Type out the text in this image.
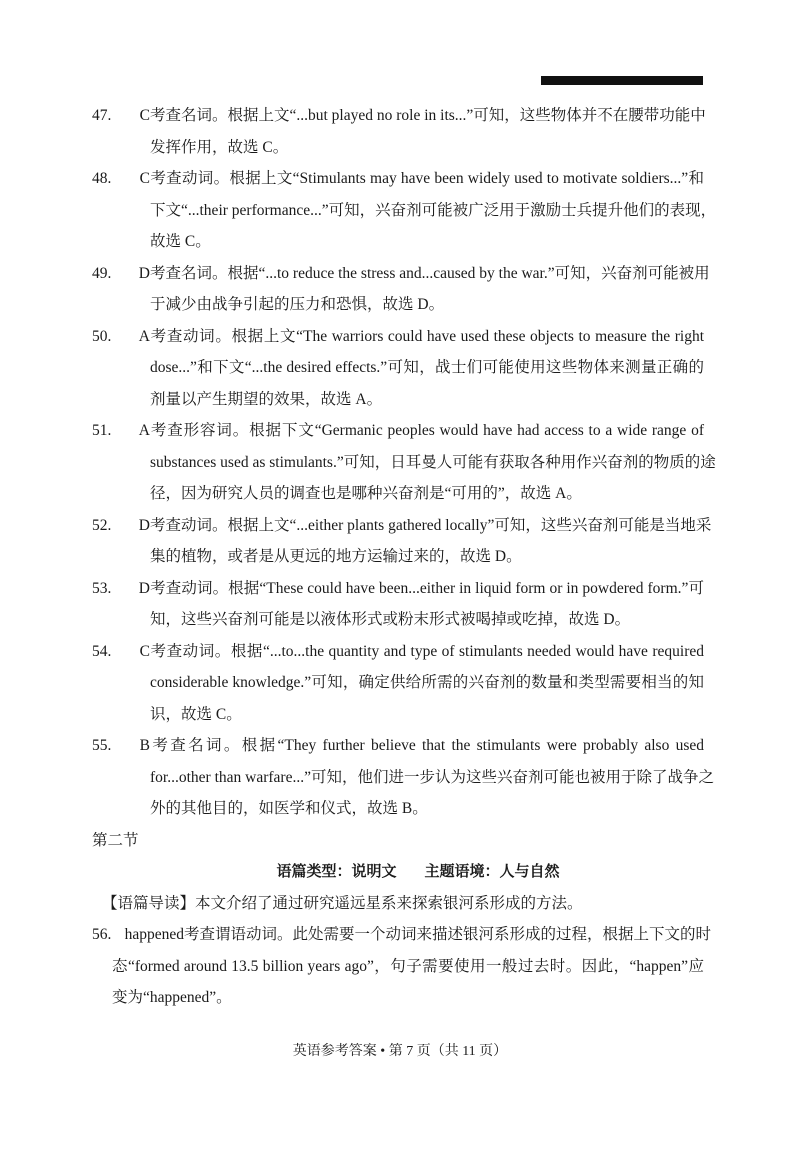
47. C考查名词。根据上文“...but played no role in its...”可知，这些物体并不在腰带功能中
发挥作用，故选 C。
48. C考查动词。根据上文“Stimulants may have been widely used to motivate soldiers...”和
下文“...their performance...”可知，兴奋剂可能被广泛用于激励士兵提升他们的表现，
故选 C。
49. D考查名词。根据“...to reduce the stress and...caused by the war.”可知，兴奋剂可能被用
于减少由战争引起的压力和恐惧，故选 D。
50. A考查动词。根据上文“The warriors could have used these objects to measure the right
dose...”和下文“...the desired effects.”可知，战士们可能使用这些物体来测量正确的
剂量以产生期望的效果，故选 A。
51. A考查形容词。根据下文“Germanic peoples would have had access to a wide range of
substances used as stimulants.”可知，日耳曼人可能有获取各种用作兴奋剂的物质的途
径，因为研究人员的调查也是哪种兴奋剂是“可用的”，故选 A。
52. D考查动词。根据上文“...either plants gathered locally”可知，这些兴奋剂可能是当地采
集的植物，或者是从更远的地方运输过来的，故选 D。
53. D考查动词。根据“These could have been...either in liquid form or in powdered form.”可
知，这些兴奋剂可能是以液体形式或粉末形式被喝掉或吃掉，故选 D。
54. C考查动词。根据“...to...the quantity and type of stimulants needed would have required
considerable knowledge.”可知，确定供给所需的兴奋剂的数量和类型需要相当的知
识，故选 C。
55. B考查名词。根据“They further believe that the stimulants were probably also used
for...other than warfare...”可知，他们进一步认为这些兴奋剂可能也被用于除了战争之
外的其他目的，如医学和仪式，故选 B。
第二节
语篇类型：说明文 主题语境：人与自然
【语篇导读】本文介绍了通过研究遥远星系来探索银河系形成的方法。
56. happened考查谓语动词。此处需要一个动词来描述银河系形成的过程，根据上下文的时
态“formed around 13.5 billion years ago”，句子需要使用一般过去时。因此，“happen”应
变为“happened”。
英语参考答案 • 第 7 页（共 11 页）
